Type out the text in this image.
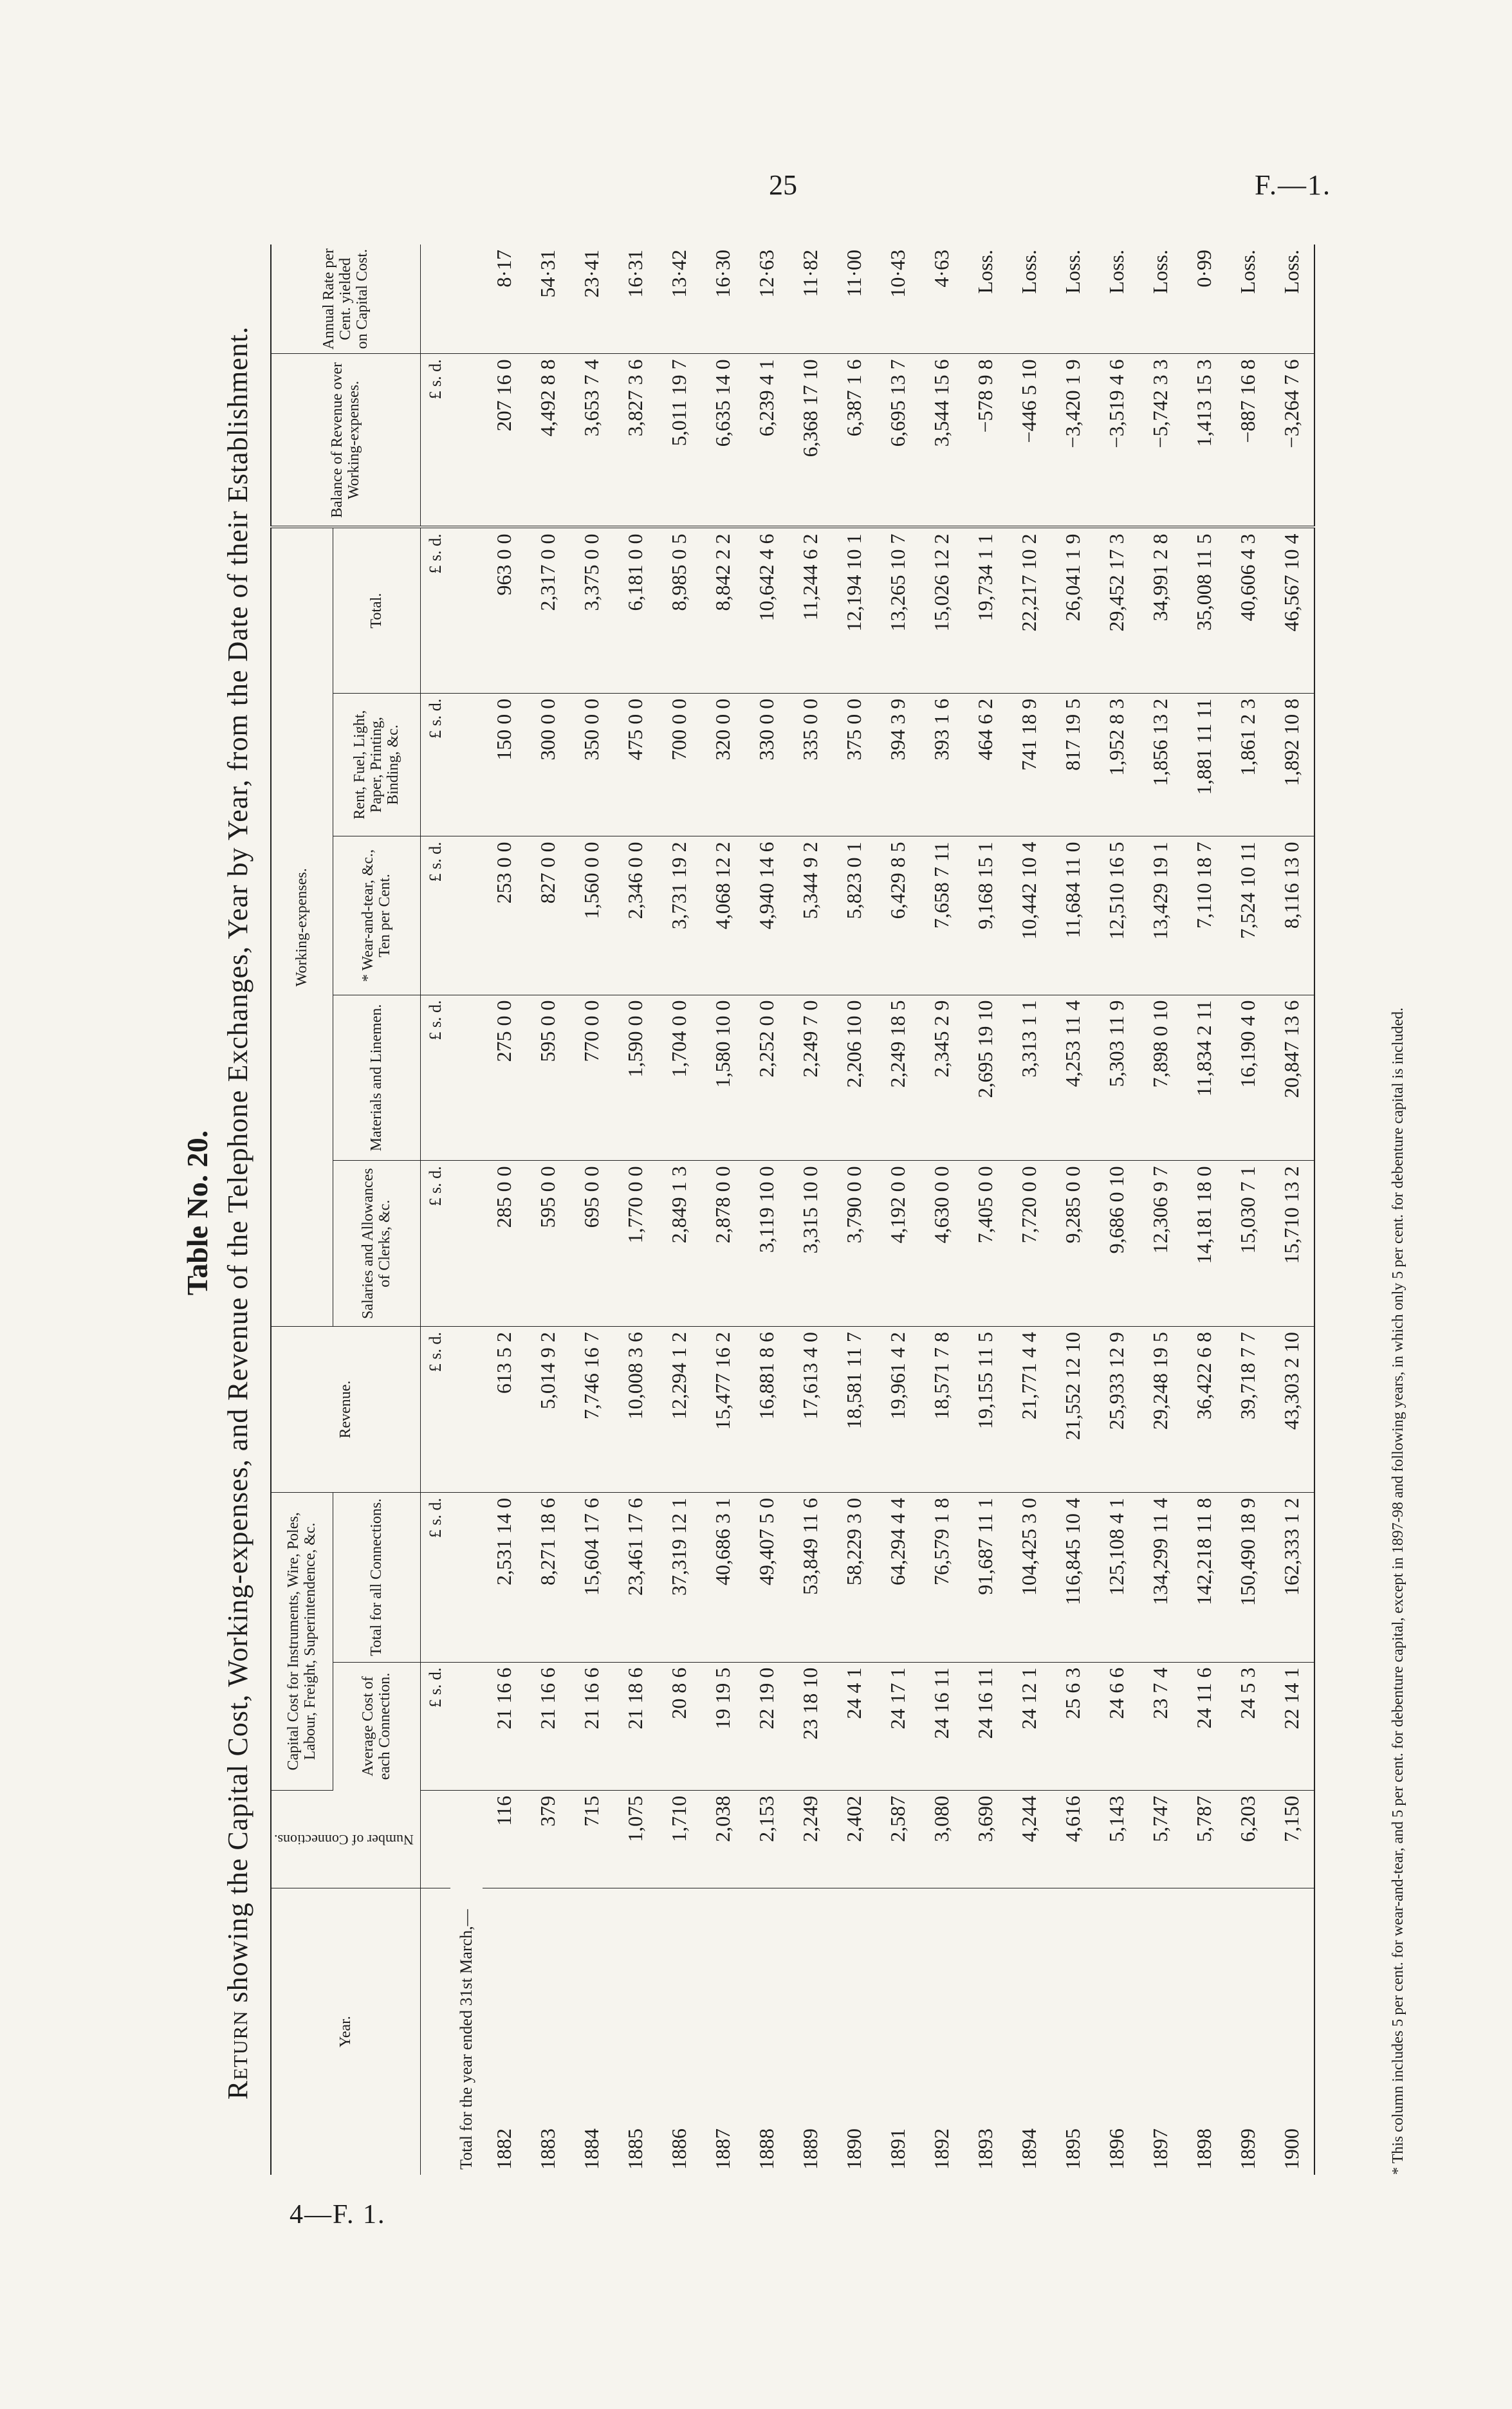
25	F.—1.
4—F. 1.
Table No. 20.
Return showing the Capital Cost, Working-expenses, and Revenue of the Telephone Exchanges, Year by Year, from the Date of their Establishment.
Year.	Number of Connections.	Capital Cost for Instruments, Wire, Poles, Labour, Freight, Superintendence, &c.		Revenue.	Working-expenses.					Balance of Revenue over Working-expenses.	Annual Rate per Cent. yielded on Capital Cost.
		Average Cost of each Connection.	Total for all Connections.		Salaries and Allowances of Clerks, &c.	Materials and Linemen.	* Wear-and-tear, &c., Ten per Cent.	Rent, Fuel, Light, Paper, Printing, Binding, &c.	Total.		
		£ s. d.	£ s. d.	£ s. d.	£ s. d.	£ s. d.	£ s. d.	£ s. d.	£ s. d.	£ s. d.	
Total for the year ended 31st March,—											
1882	116	21 16 6	2,531 14 0	613 5 2	285 0 0	275 0 0	253 0 0	150 0 0	963 0 0	207 16 0	8·17
1883	379	21 16 6	8,271 18 6	5,014 9 2	595 0 0	595 0 0	827 0 0	300 0 0	2,317 0 0	4,492 8 8	54·31
1884	715	21 16 6	15,604 17 6	7,746 16 7	695 0 0	770 0 0	1,560 0 0	350 0 0	3,375 0 0	3,653 7 4	23·41
1885	1,075	21 18 6	23,461 17 6	10,008 3 6	1,770 0 0	1,590 0 0	2,346 0 0	475 0 0	6,181 0 0	3,827 3 6	16·31
1886	1,710	20 8 6	37,319 12 1	12,294 1 2	2,849 1 3	1,704 0 0	3,731 19 2	700 0 0	8,985 0 5	5,011 19 7	13·42
1887	2,038	19 19 5	40,686 3 1	15,477 16 2	2,878 0 0	1,580 10 0	4,068 12 2	320 0 0	8,842 2 2	6,635 14 0	16·30
1888	2,153	22 19 0	49,407 5 0	16,881 8 6	3,119 10 0	2,252 0 0	4,940 14 6	330 0 0	10,642 4 6	6,239 4 1	12·63
1889	2,249	23 18 10	53,849 11 6	17,613 4 0	3,315 10 0	2,249 7 0	5,344 9 2	335 0 0	11,244 6 2	6,368 17 10	11·82
1890	2,402	24 4 1	58,229 3 0	18,581 11 7	3,790 0 0	2,206 10 0	5,823 0 1	375 0 0	12,194 10 1	6,387 1 6	11·00
1891	2,587	24 17 1	64,294 4 4	19,961 4 2	4,192 0 0	2,249 18 5	6,429 8 5	394 3 9	13,265 10 7	6,695 13 7	10·43
1892	3,080	24 16 11	76,579 1 8	18,571 7 8	4,630 0 0	2,345 2 9	7,658 7 11	393 1 6	15,026 12 2	3,544 15 6	4·63
1893	3,690	24 16 11	91,687 11 1	19,155 11 5	7,405 0 0	2,695 19 10	9,168 15 1	464 6 2	19,734 1 1	−578 9 8	Loss.
1894	4,244	24 12 1	104,425 3 0	21,771 4 4	7,720 0 0	3,313 1 1	10,442 10 4	741 18 9	22,217 10 2	−446 5 10	Loss.
1895	4,616	25 6 3	116,845 10 4	21,552 12 10	9,285 0 0	4,253 11 4	11,684 11 0	817 19 5	26,041 1 9	−3,420 1 9	Loss.
1896	5,143	24 6 6	125,108 4 1	25,933 12 9	9,686 0 10	5,303 11 9	12,510 16 5	1,952 8 3	29,452 17 3	−3,519 4 6	Loss.
1897	5,747	23 7 4	134,299 11 4	29,248 19 5	12,306 9 7	7,898 0 10	13,429 19 1	1,856 13 2	34,991 2 8	−5,742 3 3	Loss.
1898	5,787	24 11 6	142,218 11 8	36,422 6 8	14,181 18 0	11,834 2 11	7,110 18 7	1,881 11 11	35,008 11 5	1,413 15 3	0·99
1899	6,203	24 5 3	150,490 18 9	39,718 7 7	15,030 7 1	16,190 4 0	7,524 10 11	1,861 2 3	40,606 4 3	−887 16 8	Loss.
1900	7,150	22 14 1	162,333 1 2	43,303 2 10	15,710 13 2	20,847 13 6	8,116 13 0	1,892 10 8	46,567 10 4	−3,264 7 6	Loss.
* This column includes 5 per cent. for wear-and-tear, and 5 per cent. for debenture capital, except in 1897-98 and following years, in which only 5 per cent. for debenture capital is included.
